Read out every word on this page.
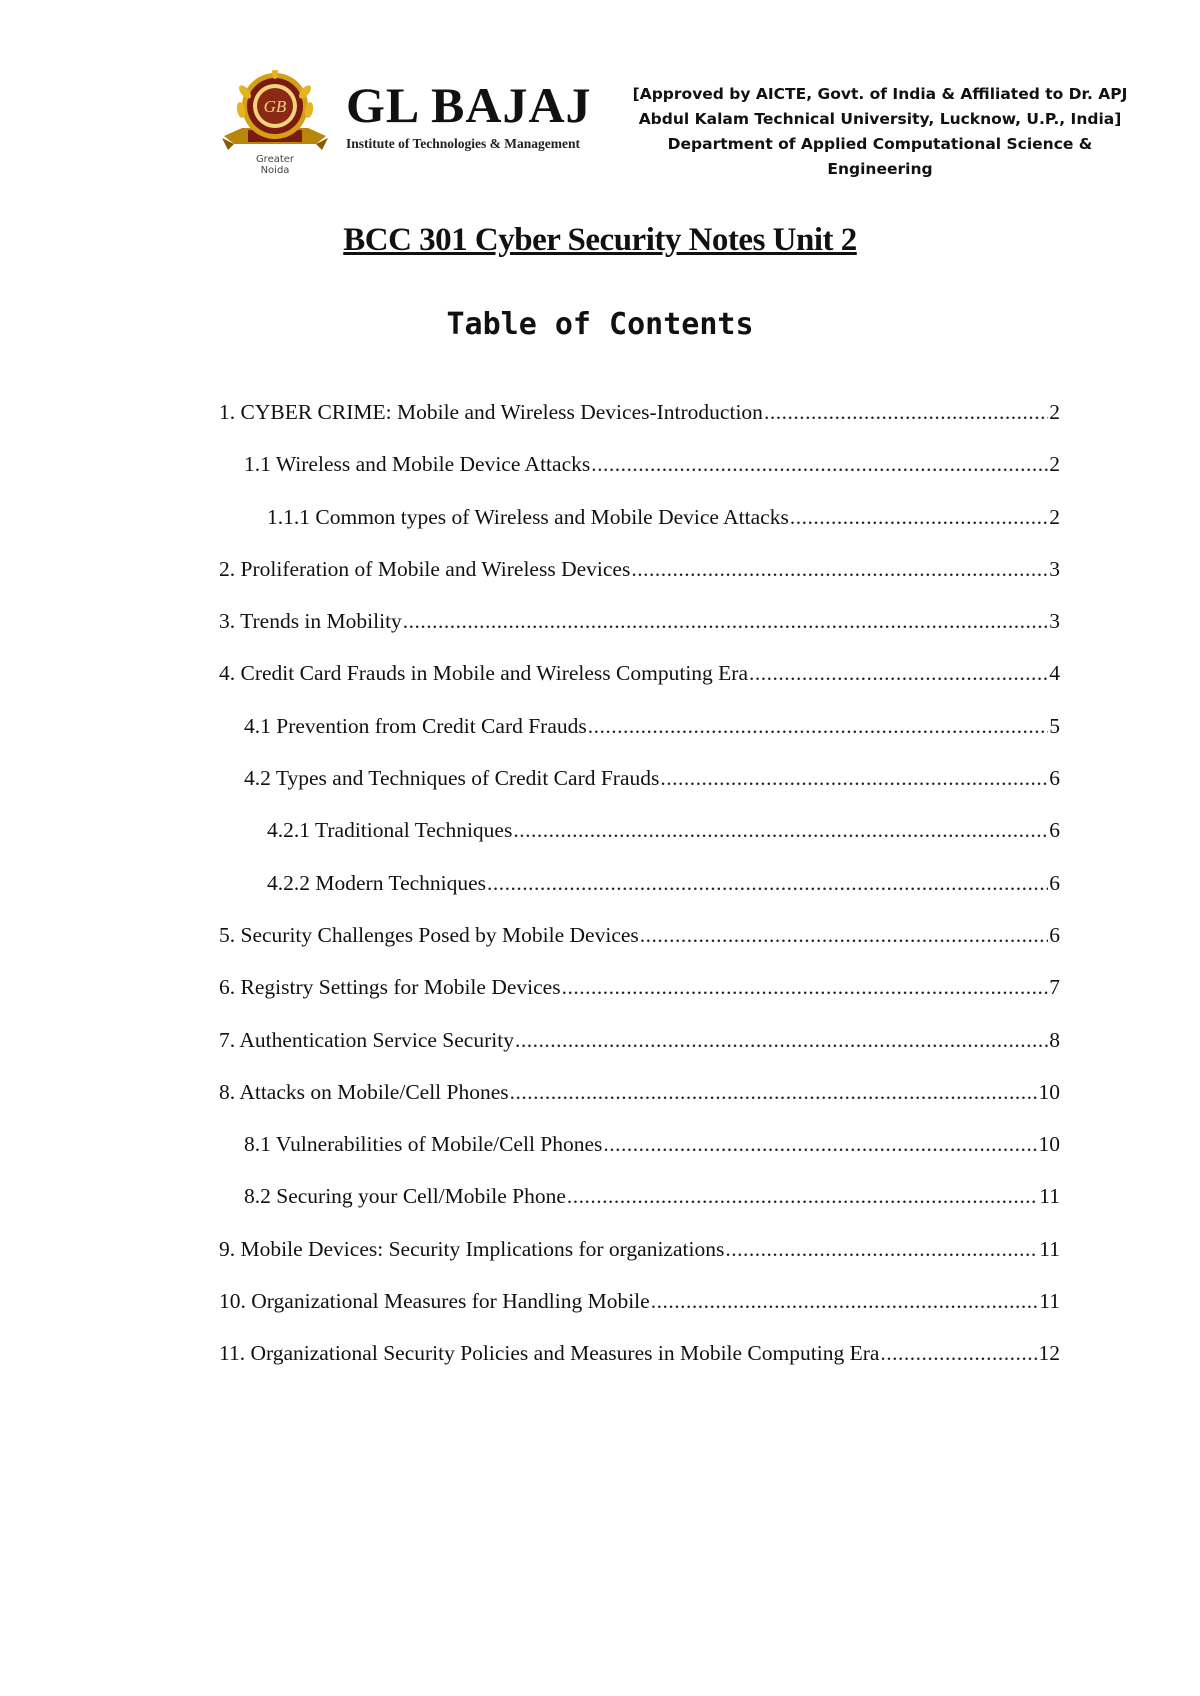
GB
Greater Noida
GL BAJAJ
Institute of Technologies & Management
[Approved by AICTE, Govt. of India & Affiliated to Dr. APJ
Abdul Kalam Technical University, Lucknow, U.P., India]
Department of Applied Computational Science & Engineering
BCC 301 Cyber Security Notes Unit 2
Table of Contents
1. CYBER CRIME: Mobile and Wireless Devices-Introduction .....	2
1.1 Wireless and Mobile Device Attacks .....	2
1.1.1 Common types of Wireless and Mobile Device Attacks .....	2
2. Proliferation of Mobile and Wireless Devices .....	3
3. Trends in Mobility .....	3
4. Credit Card Frauds in Mobile and Wireless Computing Era .....	4
4.1 Prevention from Credit Card Frauds .....	5
4.2 Types and Techniques of Credit Card Frauds .....	6
4.2.1 Traditional Techniques .....	6
4.2.2 Modern Techniques .....	6
5. Security Challenges Posed by Mobile Devices .....	6
6. Registry Settings for Mobile Devices .....	7
7. Authentication Service Security .....	8
8. Attacks on Mobile/Cell Phones .....	10
8.1 Vulnerabilities of Mobile/Cell Phones .....	10
8.2 Securing your Cell/Mobile Phone .....	11
9. Mobile Devices: Security Implications for organizations .....	11
10. Organizational Measures for Handling Mobile .....	11
11. Organizational Security Policies and Measures in Mobile Computing Era .....	12
